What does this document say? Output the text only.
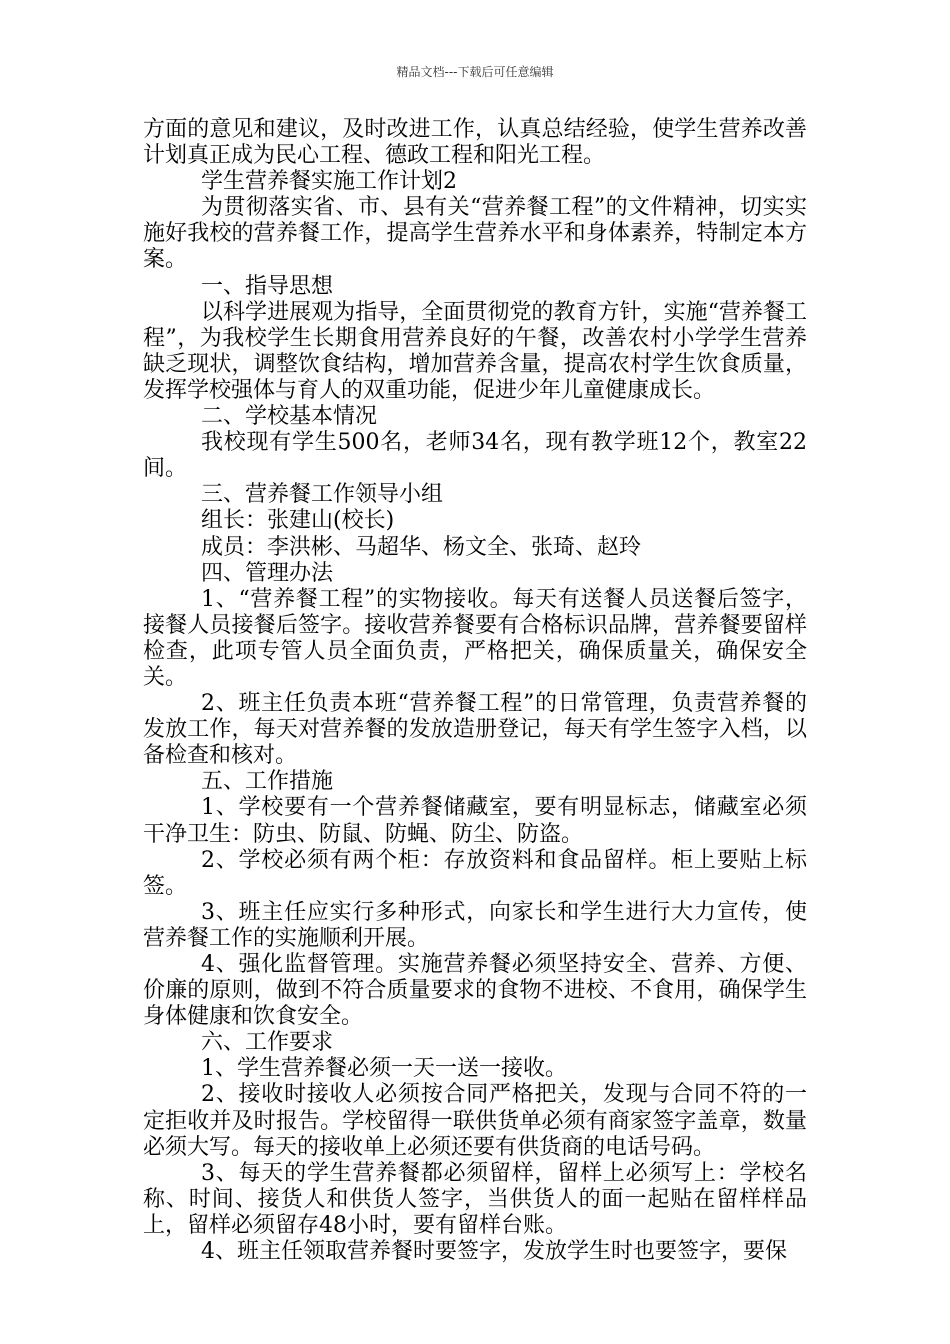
精品文档---下载后可任意编辑

方面的意见和建议，及时改进工作，认真总结经验，使学生营养改善计划真正成为民心工程、德政工程和阳光工程。

学生营养餐实施工作计划2

为贯彻落实省、市、县有关“营养餐工程”的文件精神，切实实施好我校的营养餐工作，提高学生营养水平和身体素养，特制定本方案。

一、指导思想

以科学进展观为指导，全面贯彻党的教育方针，实施“营养餐工程”，为我校学生长期食用营养良好的午餐，改善农村小学学生营养缺乏现状，调整饮食结构，增加营养含量，提高农村学生饮食质量，发挥学校强体与育人的双重功能，促进少年儿童健康成长。

二、学校基本情况

我校现有学生500名，老师34名，现有教学班12个，教室22间。

三、营养餐工作领导小组

组长：张建山(校长)

成员：李洪彬、马超华、杨文全、张琦、赵玲

四、管理办法

1、“营养餐工程”的实物接收。每天有送餐人员送餐后签字，接餐人员接餐后签字。接收营养餐要有合格标识品牌，营养餐要留样检查，此项专管人员全面负责，严格把关，确保质量关，确保安全关。

2、班主任负责本班“营养餐工程”的日常管理，负责营养餐的发放工作，每天对营养餐的发放造册登记，每天有学生签字入档，以备检查和核对。

五、工作措施

1、学校要有一个营养餐储藏室，要有明显标志，储藏室必须干净卫生：防虫、防鼠、防蝇、防尘、防盗。

2、学校必须有两个柜：存放资料和食品留样。柜上要贴上标签。

3、班主任应实行多种形式，向家长和学生进行大力宣传，使营养餐工作的实施顺利开展。

4、强化监督管理。实施营养餐必须坚持安全、营养、方便、价廉的原则，做到不符合质量要求的食物不进校、不食用，确保学生身体健康和饮食安全。

六、工作要求

1、学生营养餐必须一天一送一接收。

2、接收时接收人必须按合同严格把关，发现与合同不符的一定拒收并及时报告。学校留得一联供货单必须有商家签字盖章，数量必须大写。每天的接收单上必须还要有供货商的电话号码。

3、每天的学生营养餐都必须留样，留样上必须写上：学校名称、时间、接货人和供货人签字，当供货人的面一起贴在留样样品上，留样必须留存48小时，要有留样台账。

4、班主任领取营养餐时要签字，发放学生时也要签字，要保
